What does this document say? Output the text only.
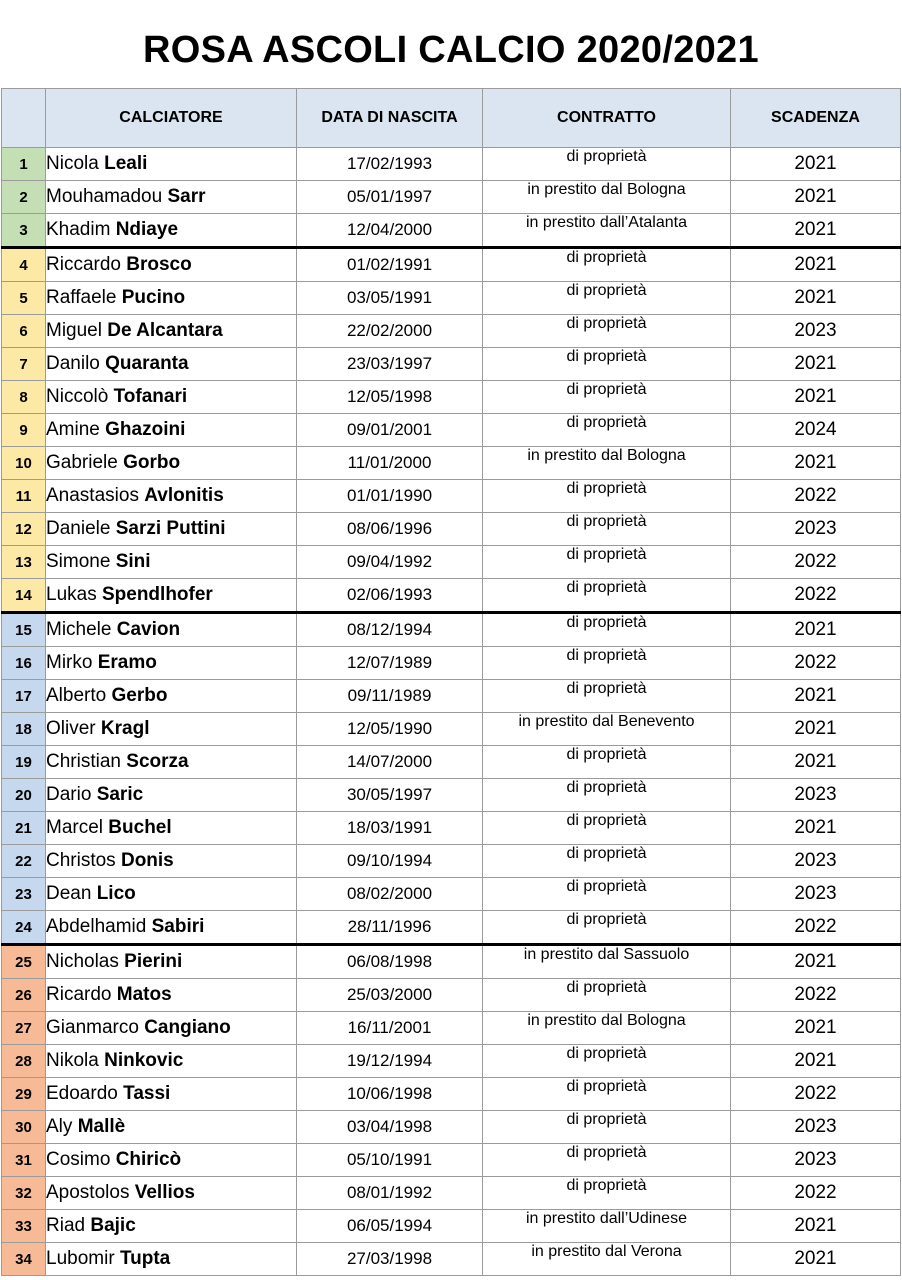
ROSA ASCOLI CALCIO 2020/2021
	CALCIATORE	DATA DI NASCITA	CONTRATTO	SCADENZA
1	Nicola Leali	17/02/1993	di proprietà	2021
2	Mouhamadou Sarr	05/01/1997	in prestito dal Bologna	2021
3	Khadim Ndiaye	12/04/2000	in prestito dall’Atalanta	2021
4	Riccardo Brosco	01/02/1991	di proprietà	2021
5	Raffaele Pucino	03/05/1991	di proprietà	2021
6	Miguel De Alcantara	22/02/2000	di proprietà	2023
7	Danilo Quaranta	23/03/1997	di proprietà	2021
8	Niccolò Tofanari	12/05/1998	di proprietà	2021
9	Amine Ghazoini	09/01/2001	di proprietà	2024
10	Gabriele Gorbo	11/01/2000	in prestito dal Bologna	2021
11	Anastasios Avlonitis	01/01/1990	di proprietà	2022
12	Daniele Sarzi Puttini	08/06/1996	di proprietà	2023
13	Simone Sini	09/04/1992	di proprietà	2022
14	Lukas Spendlhofer	02/06/1993	di proprietà	2022
15	Michele Cavion	08/12/1994	di proprietà	2021
16	Mirko Eramo	12/07/1989	di proprietà	2022
17	Alberto Gerbo	09/11/1989	di proprietà	2021
18	Oliver Kragl	12/05/1990	in prestito dal Benevento	2021
19	Christian Scorza	14/07/2000	di proprietà	2021
20	Dario Saric	30/05/1997	di proprietà	2023
21	Marcel Buchel	18/03/1991	di proprietà	2021
22	Christos Donis	09/10/1994	di proprietà	2023
23	Dean Lico	08/02/2000	di proprietà	2023
24	Abdelhamid Sabiri	28/11/1996	di proprietà	2022
25	Nicholas Pierini	06/08/1998	in prestito dal Sassuolo	2021
26	Ricardo Matos	25/03/2000	di proprietà	2022
27	Gianmarco Cangiano	16/11/2001	in prestito dal Bologna	2021
28	Nikola Ninkovic	19/12/1994	di proprietà	2021
29	Edoardo Tassi	10/06/1998	di proprietà	2022
30	Aly Mallè	03/04/1998	di proprietà	2023
31	Cosimo Chiricò	05/10/1991	di proprietà	2023
32	Apostolos Vellios	08/01/1992	di proprietà	2022
33	Riad Bajic	06/05/1994	in prestito dall’Udinese	2021
34	Lubomir Tupta	27/03/1998	in prestito dal Verona	2021
